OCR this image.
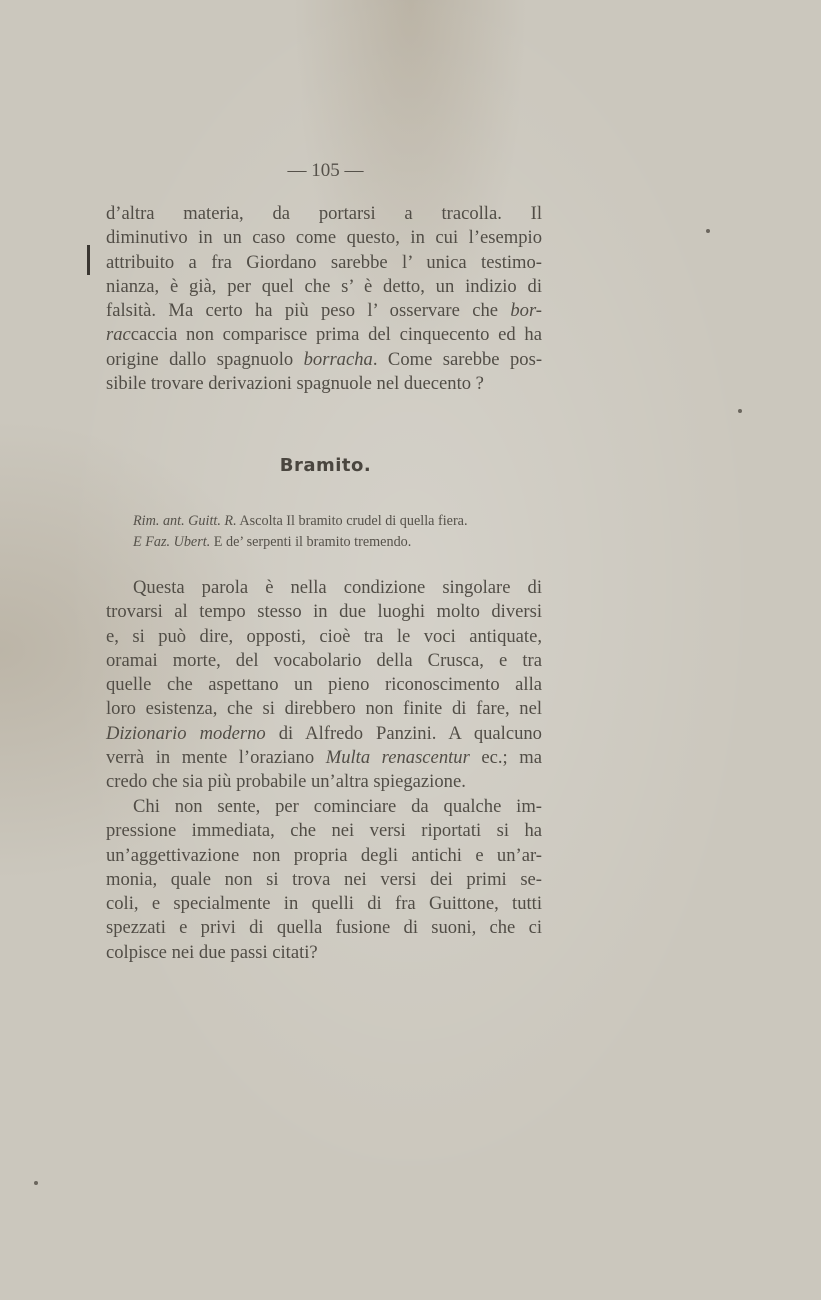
— 105 —
d’altra materia, da portarsi a tracolla. Il
diminutivo in un caso come questo, in cui l’esempio
attribuito a fra Giordano sarebbe l’ unica testimo-
nianza, è già, per quel che s’ è detto, un indizio di
falsità. Ma certo ha più peso l’ osservare che bor-
raccaccia non comparisce prima del cinquecento ed ha
origine dallo spagnuolo borracha. Come sarebbe pos-
sibile trovare derivazioni spagnuole nel duecento ?
Bramito.
Rim. ant. Guitt. R. Ascolta Il bramito crudel di quella fiera.
E Faz. Ubert. E de’ serpenti il bramito tremendo.
Questa parola è nella condizione singolare di
trovarsi al tempo stesso in due luoghi molto diversi
e, si può dire, opposti, cioè tra le voci antiquate,
oramai morte, del vocabolario della Crusca, e tra
quelle che aspettano un pieno riconoscimento alla
loro esistenza, che si direbbero non finite di fare, nel
Dizionario moderno di Alfredo Panzini. A qualcuno
verrà in mente l’oraziano Multa renascentur ec.; ma
credo che sia più probabile un’altra spiegazione.
Chi non sente, per cominciare da qualche im-
pressione immediata, che nei versi riportati si ha
un’aggettivazione non propria degli antichi e un’ar-
monia, quale non si trova nei versi dei primi se-
coli, e specialmente in quelli di fra Guittone, tutti
spezzati e privi di quella fusione di suoni, che ci
colpisce nei due passi citati?
